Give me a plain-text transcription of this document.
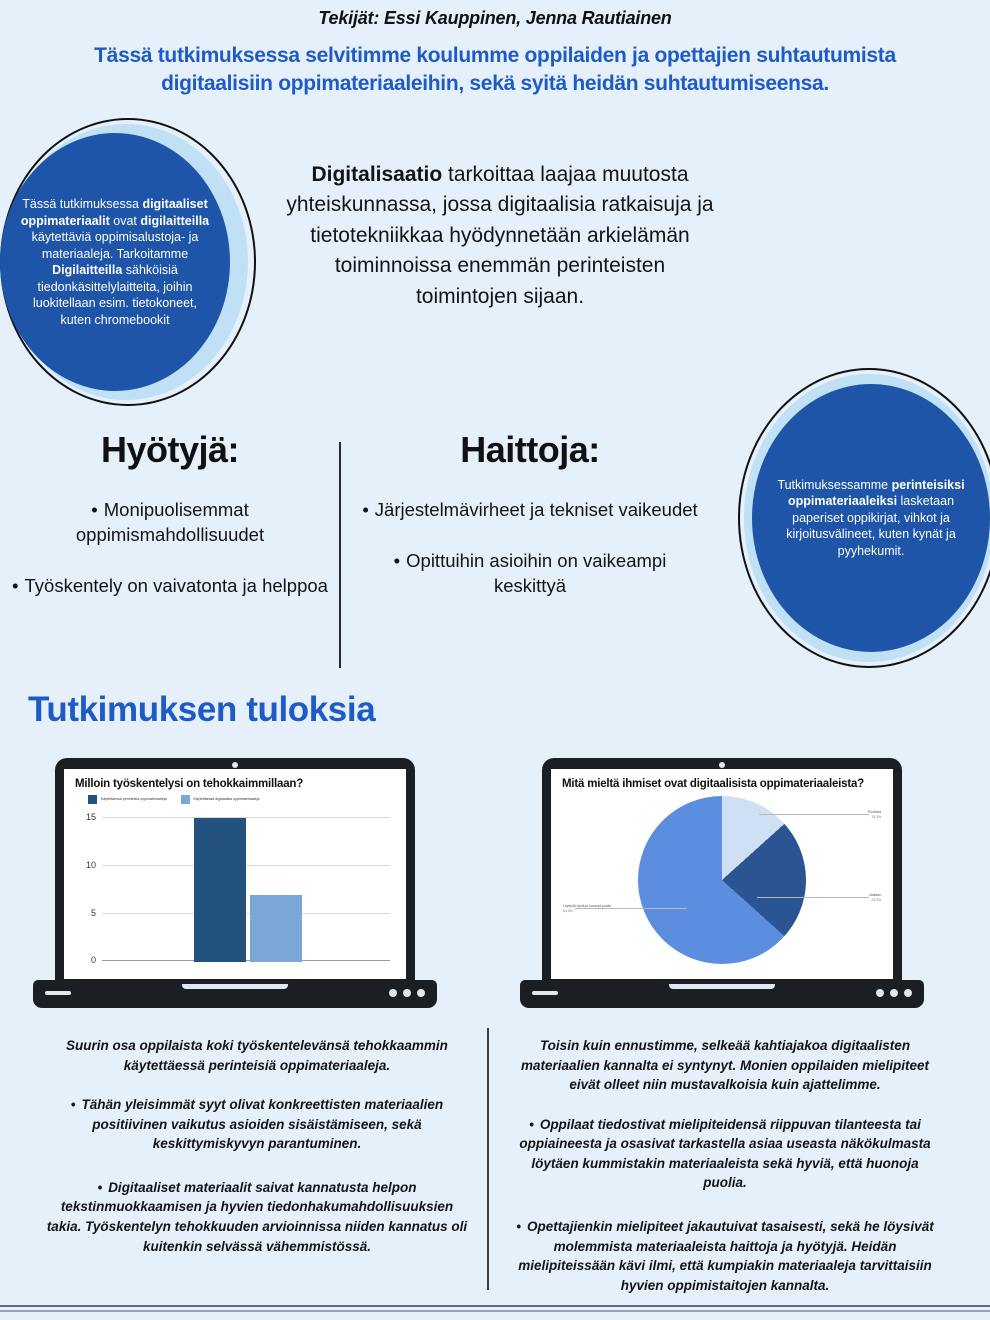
Tekijät: Essi Kauppinen, Jenna Rautiainen
Tässä tutkimuksessa selvitimme koulumme oppilaiden ja opettajien suhtautumista digitaalisiin oppimateriaaleihin, sekä syitä heidän suhtautumiseensa.

Tässä tutkimuksessa digitaaliset oppimateriaalit ovat digilaitteilla käytettäviä oppimisalustoja- ja materiaaleja. Tarkoitamme Digilaitteilla sähköisiä tiedonkäsittelylaitteita, joihin luokitellaan esim. tietokoneet, kuten chromebookit

Digitalisaatio tarkoittaa laajaa muutosta yhteiskunnassa, jossa digitaalisia ratkaisuja ja tietotekniikkaa hyödynnetään arkielämän toiminnoissa enemmän perinteisten toimintojen sijaan.

Tutkimuksessamme perinteisiksi oppimateriaaleiksi lasketaan paperiset oppikirjat, vihkot ja kirjoitusvälineet, kuten kynät ja pyyhekumit.

Hyötyjä:
• Monipuolisemmat oppimismahdollisuudet
• Työskentely on vaivatonta ja helppoa
Haittoja:
• Järjestelmävirheet ja tekniset vaikeudet
• Opittuihin asioihin on vaikeampi keskittyä
Tutkimuksen tuloksia
Milloin työskentelysi on tehokkaimmillaan?
Käytettäessä perinteisiä oppimateriaaleja	Käytettäessä digitaalisia oppimateriaaleja
15
10
5
0
Mitä mieltä ihmiset ovat digitaalisista oppimateriaaleista?
Puolesta
13,3%
Vastaan
23,3%
Löytyvät hyviä ja huonoja puolia
63,4%

Suurin osa oppilaista koki työskentelevänsä tehokkaammin käytettäessä perinteisiä oppimateriaaleja.

• Tähän yleisimmät syyt olivat konkreettisten materiaalien positiivinen vaikutus asioiden sisäistämiseen, sekä keskittymiskyvyn parantuminen.
• Digitaaliset materiaalit saivat kannatusta helpon tekstinmuokkaamisen ja hyvien tiedonhakumahdollisuuksien takia. Työskentelyn tehokkuuden arvioinnissa niiden kannatus oli kuitenkin selvässä vähemmistössä.

Toisin kuin ennustimme, selkeää kahtiajakoa digitaalisten materiaalien kannalta ei syntynyt. Monien oppilaiden mielipiteet eivät olleet niin mustavalkoisia kuin ajattelimme.

• Oppilaat tiedostivat mielipiteidensä riippuvan tilanteesta tai oppiaineesta ja osasivat tarkastella asiaa useasta näkökulmasta löytäen kummistakin materiaaleista sekä hyviä, että huonoja puolia.
• Opettajienkin mielipiteet jakautuivat tasaisesti, sekä he löysivät molemmista materiaaleista haittoja ja hyötyjä. Heidän mielipiteissään kävi ilmi, että kumpiakin materiaaleja tarvittaisiin hyvien oppimistaitojen kannalta.
